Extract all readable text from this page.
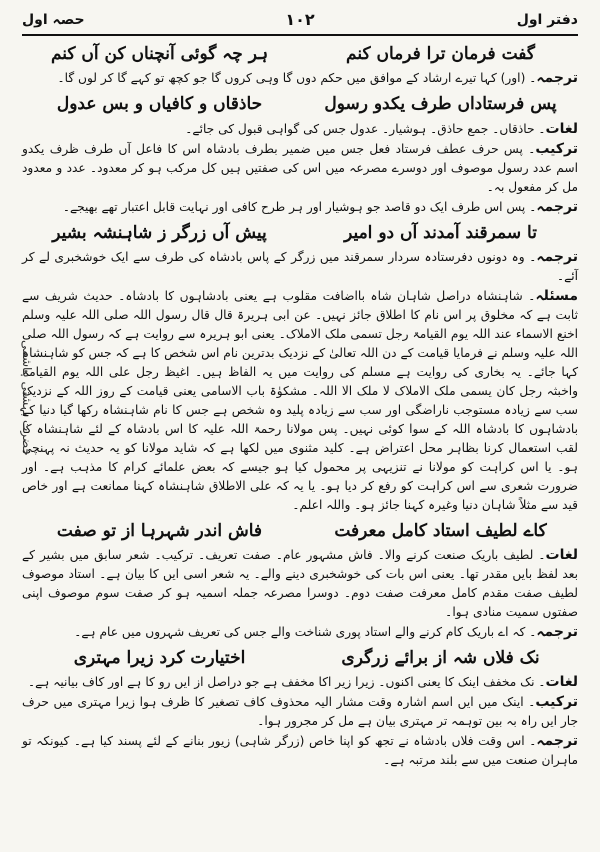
دفتر اول
۱۰۲
حصہ اول
گفت فرمان ترا فرماں کنم
ہر چہ گوئی آنچناں کن آں کنم
ترجمہ۔ (اور) کہا تیرے ارشاد کے موافق میں حکم دوں گا وہی کروں گا جو کچھ تو کہے گا کر لوں گا۔
پس فرستاداں طرف یکدو رسول
حاذقاں و کافیاں و بس عدول
لغات۔ حاذقاں۔ جمع حاذق۔ ہوشیار۔ عدول جس کی گواہی قبول کی جائے۔
ترکیب۔ پس حرف عطف فرستاد فعل جس میں ضمیر بطرف بادشاہ اس کا فاعل آں طرف ظرف یکدو اسم عدد رسول موصوف اور دوسرے مصرعہ میں اس کی صفتیں ہیں کل مرکب ہو کر معدود۔ عدد و معدود مل کر مفعول بہ۔
ترجمہ۔ پس اس طرف ایک دو قاصد جو ہوشیار اور ہر طرح کافی اور نہایت قابل اعتبار تھے بھیجے۔
تا سمرقند آمدند آں دو امیر
پیش آں زرگر ز شاہنشہ بشیر
ترجمہ۔ وہ دونوں دفرستادہ سردار سمرقند میں زرگر کے پاس بادشاہ کی طرف سے ایک خوشخبری لے کر آئے۔
مسئلہ۔ شاہنشاہ دراصل شاہان شاہ بااضافت مقلوب ہے یعنی بادشاہوں کا بادشاہ۔ حدیث شریف سے ثابت ہے کہ مخلوق پر اس نام کا اطلاق جائز نہیں۔ عن ابی ہریرۃ قال قال رسول اللہ صلی اللہ علیہ وسلم اخنع الاسماء عند اللہ یوم القیامۃ رجل تسمی ملک الاملاک۔ یعنی ابو ہریرہ سے روایت ہے کہ رسول اللہ صلی اللہ علیہ وسلم نے فرمایا قیامت کے دن اللہ تعالیٰ کے نزدیک بدترین نام اس شخص کا ہے کہ جس کو شاہنشاہ کہا جائے۔ یہ بخاری کی روایت ہے مسلم کی روایت میں یہ الفاظ ہیں۔ اغیظ رجل علی اللہ یوم القیامۃ واخبثہ رجل کان یسمی ملک الاملاک لا ملک الا اللہ۔ مشکوٰۃ باب الاسامی یعنی قیامت کے روز اللہ کے نزدیک سب سے زیادہ مستوجب ناراضگی اور سب سے زیادہ پلید وہ شخص ہے جس کا نام شاہنشاہ رکھا گیا دنیا کے بادشاہوں کا بادشاہ اللہ کے سوا کوئی نہیں۔ پس مولانا رحمۃ اللہ علیہ کا اس بادشاہ کے لئے شاہنشاہ کا لقب استعمال کرنا بظاہر محل اعتراض ہے۔ کلید مثنوی میں لکھا ہے کہ شاید مولانا کو یہ حدیث نہ پہنچی ہو۔ یا اس کراہت کو مولانا نے تنزیہی پر محمول کیا ہو جیسے کہ بعض علمائے کرام کا مذہب ہے۔ اور ضرورت شعری سے اس کراہت کو رفع کر دیا ہو۔ یا یہ کہ علی الاطلاق شاہنشاہ کہنا ممانعت ہے اور خاص قید سے مثلاً شاہان دنیا وغیرہ کہنا جائز ہو۔ واللہ اعلم۔
کاے لطیف استاد کامل معرفت
فاش اندر شہرہا از تو صفت
لغات۔ لطیف باریک صنعت کرنے والا۔ فاش مشہور عام۔ صفت تعریف۔ ترکیب۔ شعر سابق میں بشیر کے بعد لفظ بایں مقدر تھا۔ یعنی اس بات کی خوشخبری دینے والے۔ یہ شعر اسی ایں کا بیان ہے۔ استاد موصوف لطیف صفت مقدم کامل معرفت صفت دوم۔ دوسرا مصرعہ جملہ اسمیہ ہو کر صفت سوم موصوف اپنی صفتوں سمیت منادی ہوا۔
ترجمہ۔ کہ اے باریک کام کرنے والے استاد پوری شناخت والے جس کی تعریف شہروں میں عام ہے۔
نک فلاں شہ از برائے زرگری
اختیارت کرد زیرا مہتری
لغات۔ نک مخفف اینک کا یعنی اکنوں۔ زیرا زیر اکا مخفف ہے جو دراصل از ایں رو کا ہے اور کاف بیانیہ ہے۔
ترکیب۔ اینک میں ایں اسم اشارہ وقت مشار الیہ محذوف کاف تصغیر کا ظرف ہوا زیرا مہتری میں حرف جار ایں راہ بہ بین توہمہ تر مہتری بیان ہے مل کر مجرور ہوا۔
ترجمہ۔ اس وقت فلاں بادشاہ نے تجھ کو اپنا خاص (زرگر شاہی) زیور بنانے کے لئے پسند کیا ہے۔ کیونکہ تو ماہران صنعت میں سے بلند مرتبہ ہے۔
حضرت بہشتی ہاشمی
